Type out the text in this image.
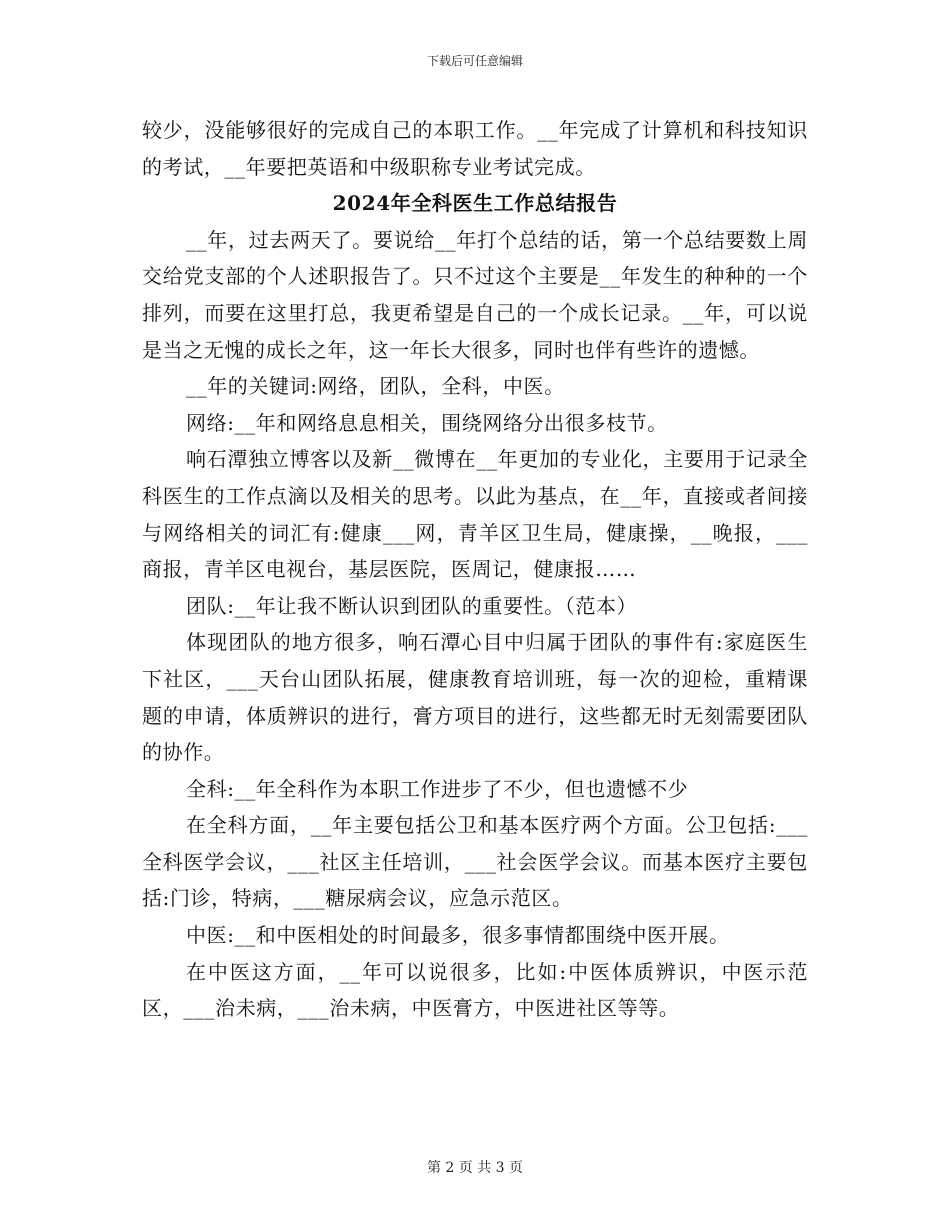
下载后可任意编辑

较少，没能够很好的完成自己的本职工作。__年完成了计算机和科技知识的考试，__年要把英语和中级职称专业考试完成。

2024年全科医生工作总结报告

__年，过去两天了。要说给__年打个总结的话，第一个总结要数上周交给党支部的个人述职报告了。只不过这个主要是__年发生的种种的一个排列，而要在这里打总，我更希望是自己的一个成长记录。__年，可以说是当之无愧的成长之年，这一年长大很多，同时也伴有些许的遗憾。

__年的关键词:网络，团队，全科，中医。

网络:__年和网络息息相关，围绕网络分出很多枝节。

响石潭独立博客以及新__微博在__年更加的专业化，主要用于记录全科医生的工作点滴以及相关的思考。以此为基点，在__年，直接或者间接与网络相关的词汇有:健康___网，青羊区卫生局，健康操，__晚报，___商报，青羊区电视台，基层医院，医周记，健康报……

团队:__年让我不断认识到团队的重要性。（范本）

体现团队的地方很多，响石潭心目中归属于团队的事件有:家庭医生下社区，___天台山团队拓展，健康教育培训班，每一次的迎检，重精课题的申请，体质辨识的进行，膏方项目的进行，这些都无时无刻需要团队的协作。

全科:__年全科作为本职工作进步了不少，但也遗憾不少

在全科方面，__年主要包括公卫和基本医疗两个方面。公卫包括:___全科医学会议，___社区主任培训，___社会医学会议。而基本医疗主要包括:门诊，特病，___糖尿病会议，应急示范区。

中医:__和中医相处的时间最多，很多事情都围绕中医开展。

在中医这方面，__年可以说很多，比如:中医体质辨识，中医示范区，___治未病，___治未病，中医膏方，中医进社区等等。

第 2 页 共 3 页
